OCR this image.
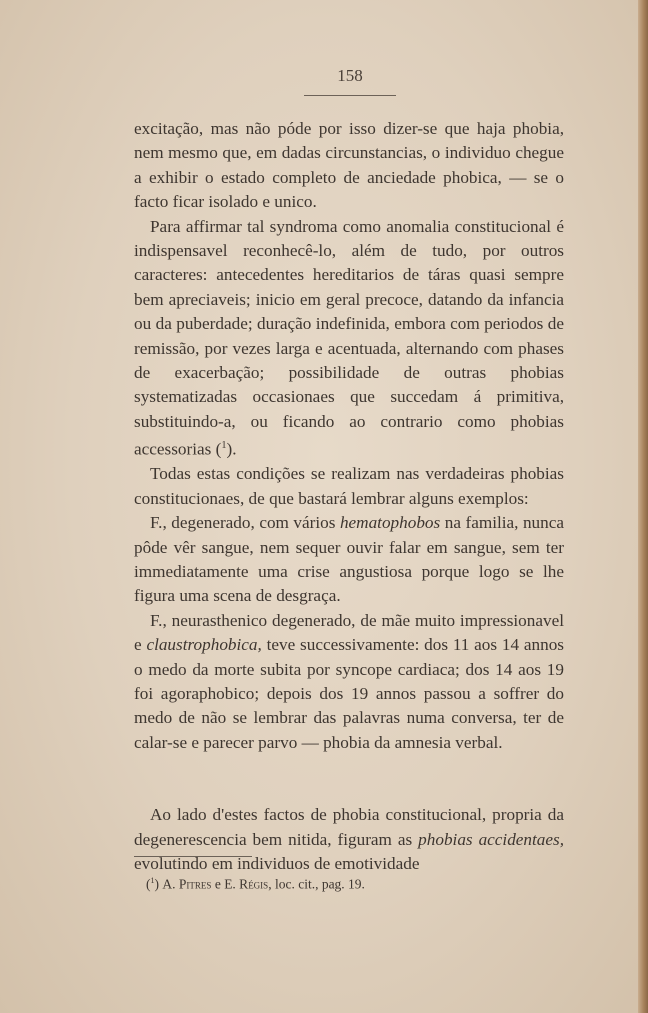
158

excitação, mas não póde por isso dizer-se que haja phobia, nem mesmo que, em dadas circunstancias, o individuo chegue a exhibir o estado completo de anciedade phobica, — se o facto ficar isolado e unico.

Para affirmar tal syndroma como anomalia constitucional é indispensavel reconhecê-lo, além de tudo, por outros caracteres: antecedentes hereditarios de táras quasi sempre bem apreciaveis; inicio em geral precoce, datando da infancia ou da puberdade; duração indefinida, embora com periodos de remissão, por vezes larga e acentuada, alternando com phases de exacerbação; possibilidade de outras phobias systematizadas occasionaes que succedam á primitiva, substituindo-a, ou ficando ao contrario como phobias accessorias ($^1$).

Todas estas condições se realizam nas verdadeiras phobias constitucionaes, de que bastará lembrar alguns exemplos:

F., degenerado, com vários hematophobos na familia, nunca pôde vêr sangue, nem sequer ouvir falar em sangue, sem ter immediatamente uma crise angustiosa porque logo se lhe figura uma scena de desgraça.

F., neurasthenico degenerado, de mãe muito impressionavel e claustrophobica, teve successivamente: dos 11 aos 14 annos o medo da morte subita por syncope cardiaca; dos 14 aos 19 foi agoraphobico; depois dos 19 annos passou a soffrer do medo de não se lembrar das palavras numa conversa, ter de calar-se e parecer parvo — phobia da amnesia verbal.

Ao lado d'estes factos de phobia constitucional, propria da degenerescencia bem nitida, figuram as phobias accidentaes, evolutindo em individuos de emotividade

($^1$) A. Pitres e E. Régis, loc. cit., pag. 19.
